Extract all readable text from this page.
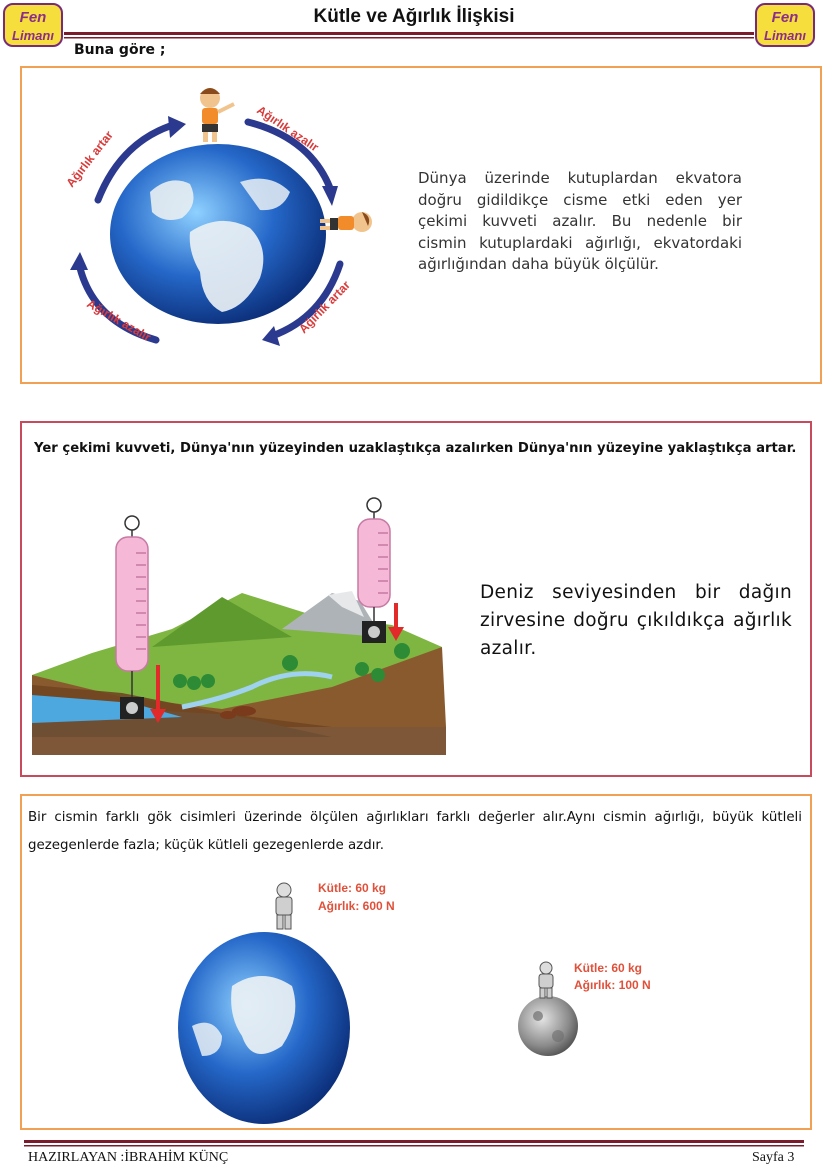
Fen
Limanı
Kütle ve Ağırlık İlişkisi	Fen
Limanı
Buna göre ;
Ağırlık artar	Ağırlık azalır
Ağırlık artar
Ağırlık azalır
Dünya üzerinde kutuplardan ekvatora doğru gidildikçe cisme etki eden yer çekimi kuvveti azalır. Bu nedenle bir cismin kutuplardaki ağırlığı, ekvatordaki ağırlığından daha büyük ölçülür.
Yer çekimi kuvveti, Dünya'nın yüzeyinden uzaklaştıkça azalırken Dünya'nın yüzeyine yaklaştıkça artar.
Deniz seviyesinden bir dağın zirvesine doğru çıkıldıkça ağırlık azalır.
Bir cismin farklı gök cisimleri üzerinde ölçülen ağırlıkları farklı değerler alır.Aynı cismin ağırlığı, büyük kütleli gezegenlerde fazla; küçük kütleli gezegenlerde azdır.
Kütle: 60 kg
Ağırlık: 600 N
Kütle: 60 kg
Ağırlık: 100 N
HAZIRLAYAN :İBRAHİM KÜNÇ	Sayfa 3
